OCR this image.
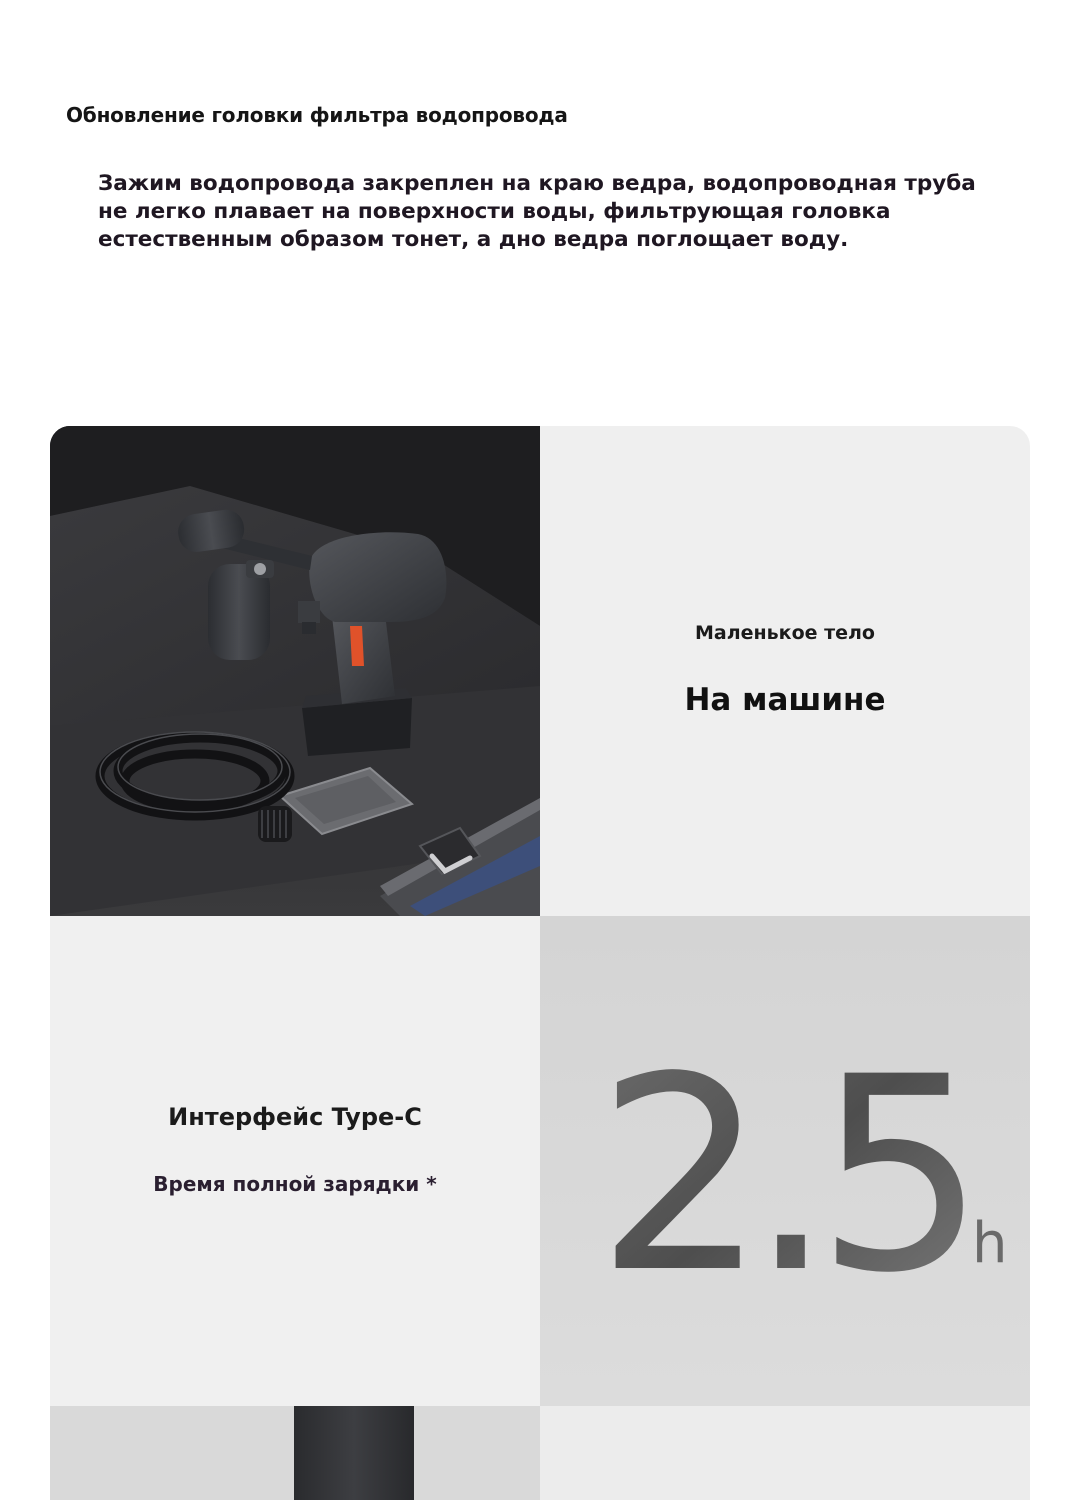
Обновление головки фильтра водопровода
Зажим водопровода закреплен на краю ведра, водопроводная труба не легко плавает на поверхности воды, фильтрующая головка естественным образом тонет, а дно ведра поглощает воду.
Маленькое тело
На машине
Интерфейс Type-C
Время полной зарядки * 2.5 h
